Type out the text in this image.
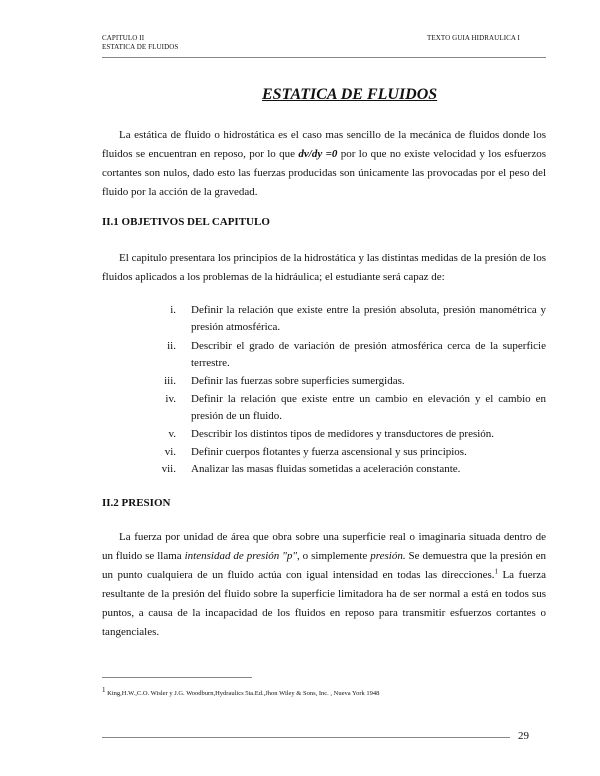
CAPITULO II
ESTATICA DE FLUIDOS
TEXTO GUIA HIDRAULICA I
ESTATICA DE FLUIDOS
La estática de fluido o hidrostática es el caso mas sencillo de la mecánica de fluidos donde los fluidos se encuentran en reposo, por lo que dv/dy =0 por lo que no existe velocidad y los esfuerzos cortantes son nulos, dado esto las fuerzas producidas son únicamente las provocadas por el peso del fluido por la acción de la gravedad.
II.1 OBJETIVOS DEL CAPITULO
El capitulo presentara los principios de la hidrostática y las distintas medidas de la presión de los fluidos aplicados a los problemas de la hidráulica; el estudiante será capaz de:
i. Definir la relación que existe entre la presión absoluta, presión manométrica y presión atmosférica.
ii. Describir el grado de variación de presión atmosférica cerca de la superficie terrestre.
iii. Definir las fuerzas sobre superficies sumergidas.
iv. Definir la relación que existe entre un cambio en elevación y el cambio en presión de un fluido.
v. Describir los distintos tipos de medidores y transductores de presión.
vi. Definir cuerpos flotantes y fuerza ascensional y sus principios.
vii. Analizar las masas fluidas sometidas a aceleración constante.
II.2 PRESION
La fuerza por unidad de área que obra sobre una superficie real o imaginaria situada dentro de un fluido se llama intensidad de presión "p", o simplemente presión. Se demuestra que la presión en un punto cualquiera de un fluido actúa con igual intensidad en todas las direcciones.$^1$ La fuerza resultante de la presión del fluido sobre la superficie limitadora ha de ser normal a está en todos sus puntos, a causa de la incapacidad de los fluidos en reposo para transmitir esfuerzos cortantes o tangenciales.
$^1$ King,H.W.,C.O. Wisler y J.G. Woodburn,Hydraulics 5ta.Ed.,Jhon Wiley & Sons, Inc. , Nueva York 1948
29
